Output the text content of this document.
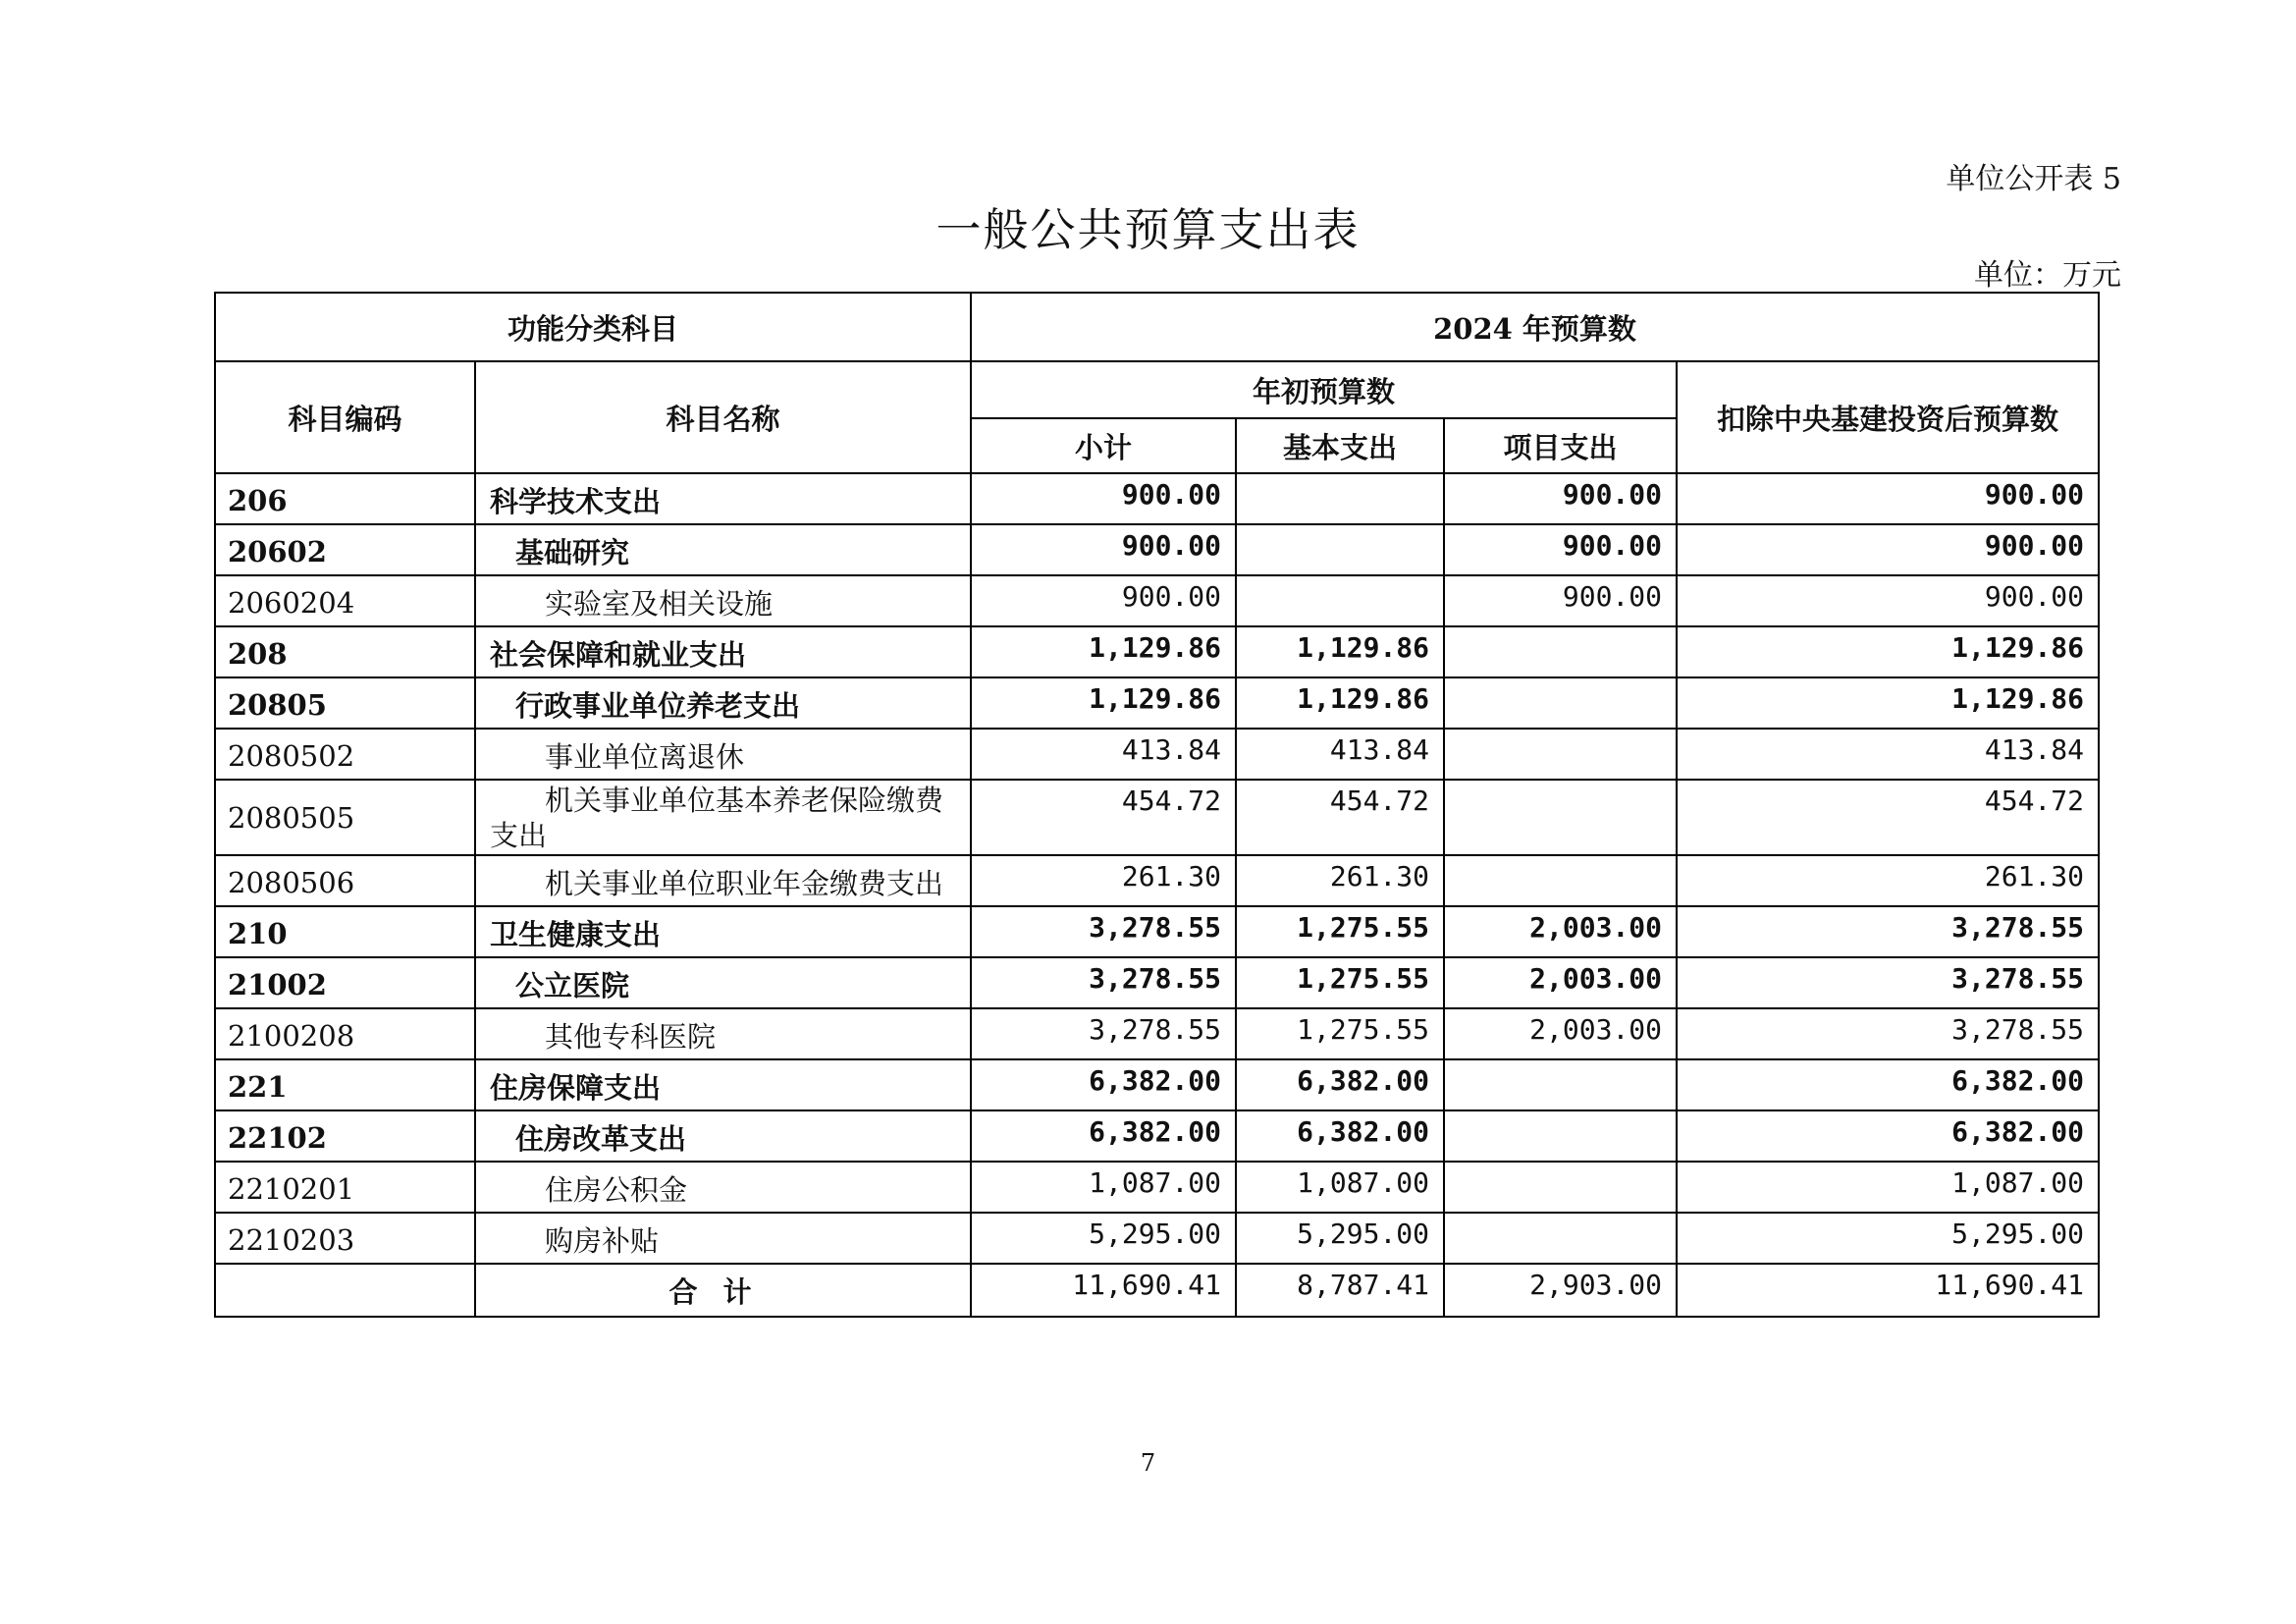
单位公开表 5
一般公共预算支出表
单位：万元
功能分类科目		2024 年预算数			
科目编码	科目名称	年初预算数			扣除中央基建投资后预算数
		小计	基本支出	项目支出	
206	科学技术支出	900.00		900.00	900.00
20602	基础研究	900.00		900.00	900.00
2060204	实验室及相关设施	900.00		900.00	900.00
208	社会保障和就业支出	1,129.86	1,129.86		1,129.86
20805	行政事业单位养老支出	1,129.86	1,129.86		1,129.86
2080502	事业单位离退休	413.84	413.84		413.84
2080505	机关事业单位基本养老保险缴费支出	454.72	454.72		454.72
2080506	机关事业单位职业年金缴费支出	261.30	261.30		261.30
210	卫生健康支出	3,278.55	1,275.55	2,003.00	3,278.55
21002	公立医院	3,278.55	1,275.55	2,003.00	3,278.55
2100208	其他专科医院	3,278.55	1,275.55	2,003.00	3,278.55
221	住房保障支出	6,382.00	6,382.00		6,382.00
22102	住房改革支出	6,382.00	6,382.00		6,382.00
2210201	住房公积金	1,087.00	1,087.00		1,087.00
2210203	购房补贴	5,295.00	5,295.00		5,295.00
	合计	11,690.41	8,787.41	2,903.00	11,690.41
7
